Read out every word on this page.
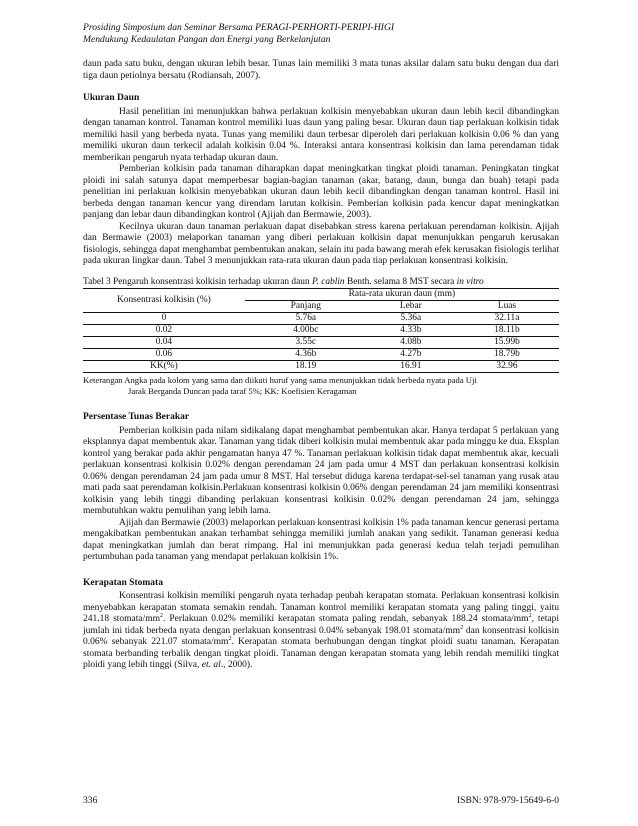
Prosiding Simposium dan Seminar Bersama PERAGI-PERHORTI-PERIPI-HIGI
Mendukung Kedaulatan Pangan dan Energi yang Berkelanjutan

daun pada satu buku, dengan ukuran lebih besar. Tunas lain memiliki 3 mata tunas aksilar dalam satu buku dengan dua dari tiga daun petiolnya bersatu (Rodiansah, 2007).

Ukuran Daun

Hasil penelitian ini menunjukkan bahwa perlakuan kolkisin menyebabkan ukuran daun lebih kecil dibandingkan dengan tanaman kontrol. Tanaman kontrol memiliki luas daun yang paling besar. Ukuran daun tiap perlakuan kolkisin tidak memiliki hasil yang berbeda nyata. Tunas yang memiliki daun terbesar diperoleh dari perlakuan kolkisin 0.06 % dan yang memiliki ukuran daun terkecil adalah kolkisin 0.04 %. Interaksi antara konsentrasi kolkisin dan lama perendaman tidak memberikan pengaruh nyata terhadap ukuran daun.

Pemberian kolkisin pada tanaman diharapkan dapat meningkatkan tingkat ploidi tanaman. Peningkatan tingkat ploidi ini salah satunya dapat memperbesar bagian-bagian tanaman (akar, batang, daun, bunga dan buah) tetapi pada penelitian ini perlakuan kolkisin menyebabkan ukuran daun lebih kecil dibandingkan dengan tanaman kontrol. Hasil ini berbeda dengan tanaman kencur yang direndam larutan kolkisin. Pemberian kolkisin pada kencur dapat meningkatkan panjang dan lebar daun dibandingkan kontrol (Ajijah dan Bermawie, 2003).

Kecilnya ukuran daun tanaman perlakuan dapat disebabkan stress karena perlakuan perendaman kolkisin. Ajijah dan Bermawie (2003) melaporkan tanaman yang diberi perlakuan kolkisin dapat menunjukkan pengaruh kerusakan fisiologis, sehingga dapat menghambat pembentukan anakan, selain itu pada bawang merah efek kerusakan fisiologis terlihat pada ukuran lingkar daun. Tabel 3 menunjukkan rata-rata ukuran daun pada tiap perlakuan konsentrasi kolkisin.

Tabel 3 Pengaruh konsentrasi kolkisin terhadap ukuran daun P. cablin Benth. selama 8 MST secara in vitro
Konsentrasi kolkisin (%)	Rata-rata ukuran daun (mm)		
	Panjang	Lebar	Luas
0	5.76a	5.36a	32.11a
0.02	4.00bc	4.33b	18.11b
0.04	3.55c	4.08b	15.99b
0.06	4.36b	4.27b	18.79b
KK(%)	18.19	16.91	32.96
Keterangan Angka pada kolom yang sama dan diikuti huruf yang sama menunjukkan tidak berbeda nyata pada Uji
Jarak Berganda Duncan pada taraf 5%; KK: Koefisien Keragaman
Persentase Tunas Berakar

Pemberian kolkisin pada nilam sidikalang dapat menghambat pembentukan akar. Hanya terdapat 5 perlakuan yang eksplannya dapat membentuk akar. Tanaman yang tidak diberi kolkisin mulai membentuk akar pada minggu ke dua. Eksplan kontrol yang berakar pada akhir pengamatan hanya 47 %. Tanaman perlakuan kolkisin tidak dapat membentuk akar, kecuali perlakuan konsentrasi kolkisin 0.02% dengan perendaman 24 jam pada umur 4 MST dan perlakuan konsentrasi kolkisin 0.06% dengan perendaman 24 jam pada umur 8 MST. Hal tersebut diduga karena terdapat-sel-sel tanaman yang rusak atau mati pada saat perendaman kolkisin.Perlakuan konsentrasi kolkisin 0.06% dengan perendaman 24 jam memiliki konsentrasi kolkisin yang lebih tinggi dibanding perlakuan konsentrasi kolkisin 0.02% dengan perendaman 24 jam, sehingga membutuhkan waktu pemulihan yang lebih lama.

Ajijah dan Bermawie (2003) melaporkan perlakuan konsentrasi kolkisin 1% pada tanaman kencur generasi pertama mengakibatkan pembentukan anakan terhambat sehingga memiliki jumlah anakan yang sedikit. Tanaman generasi kedua dapat meningkatkan jumlah dan berat rimpang. Hal ini menunjukkan pada generasi kedua telah terjadi pemulihan pertumbuhan pada tanaman yang mendapat perlakuan kolkisin 1%.

Kerapatan Stomata

Konsentrasi kolkisin memiliki pengaruh nyata terhadap peubah kerapatan stomata. Perlakuan konsentrasi kolkisin menyebabkan kerapatan stomata semakin rendah. Tanaman kontrol memiliki kerapatan stomata yang paling tinggi, yaitu 241.18 stomata/$mm^2$. Perlakuan 0.02% memiliki kerapatan stomata paling rendah, sebanyak 188.24 stomata/$mm^2$, tetapi jumlah ini tidak berbeda nyata dengan perlakuan konsentrasi 0.04% sebanyak 198.01 stomata/$mm^2$ dan konsentrasi kolkisin 0.06% sebanyak 221.07 stomata/$mm^2$. Kerapatan stomata berhubungan dengan tingkat ploidi suatu tanaman. Kerapatan stomata berbanding terbalik dengan tingkat ploidi. Tanaman dengan kerapatan stomata yang lebih rendah memiliki tingkat ploidi yang lebih tinggi (Silva, et. al., 2000).

336	ISBN: 978-979-15649-6-0
